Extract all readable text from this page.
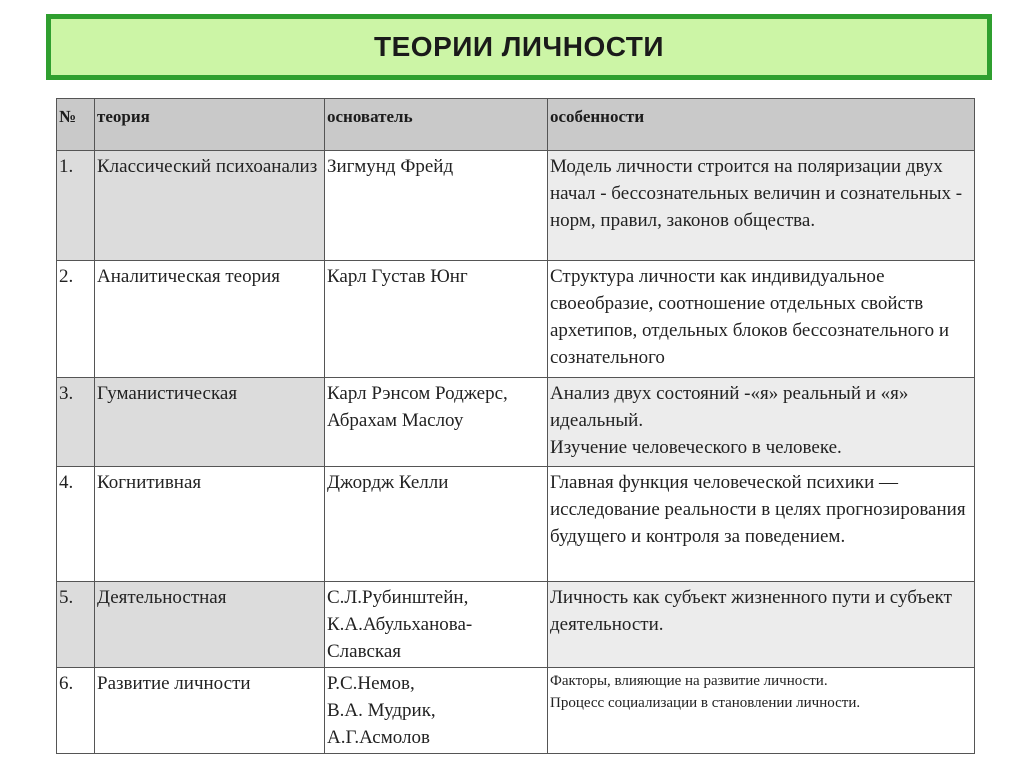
ТЕОРИИ ЛИЧНОСТИ
№	теория	основатель	особенности
1.	Классический психоанализ	Зигмунд Фрейд	Модель личности строится на поляризации двух начал - бессознательных величин и сознательных - норм, правил, законов общества.

2.	Аналитическая теория	Карл Густав Юнг	Структура личности как индивидуальное своеобразие, соотношение отдельных свойств архетипов, отдельных блоков бессознательного и сознательного

3.	Гуманистическая	Карл Рэнсом Роджерс,
Абрахам Маслоу	Анализ двух состояний -«я» реальный и «я» идеальный.
Изучение человеческого в человеке.

4.	Когнитивная	Джордж Келли	Главная функция человеческой психики — исследование реальности в целях прогнозирования будущего и контроля за поведением.

5.	Деятельностная	С.Л.Рубинштейн,
К.А.Абульханова-Славская	Личность как субъект жизненного пути и субъект деятельности.

6.	Развитие личности	Р.С.Немов,
В.А. Мудрик,
А.Г.Асмолов	Факторы, влияющие на развитие личности.
Процесс социализации в становлении личности.
